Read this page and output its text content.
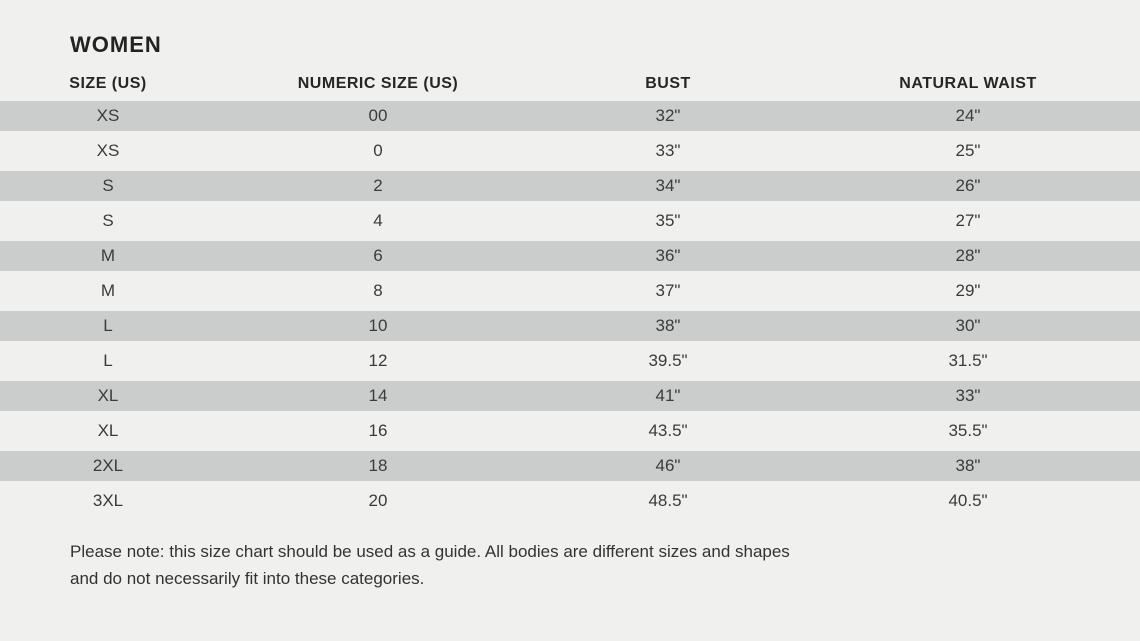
WOMEN
SIZE (US)	NUMERIC SIZE (US)	BUST	NATURAL WAIST
XS	00	32"	24"
XS	0	33"	25"
S	2	34"	26"
S	4	35"	27"
M	6	36"	28"
M	8	37"	29"
L	10	38"	30"
L	12	39.5"	31.5"
XL	14	41"	33"
XL	16	43.5"	35.5"
2XL	18	46"	38"
3XL	20	48.5"	40.5"

Please note: this size chart should be used as a guide. All bodies are different sizes and shapes and do not necessarily fit into these categories.
